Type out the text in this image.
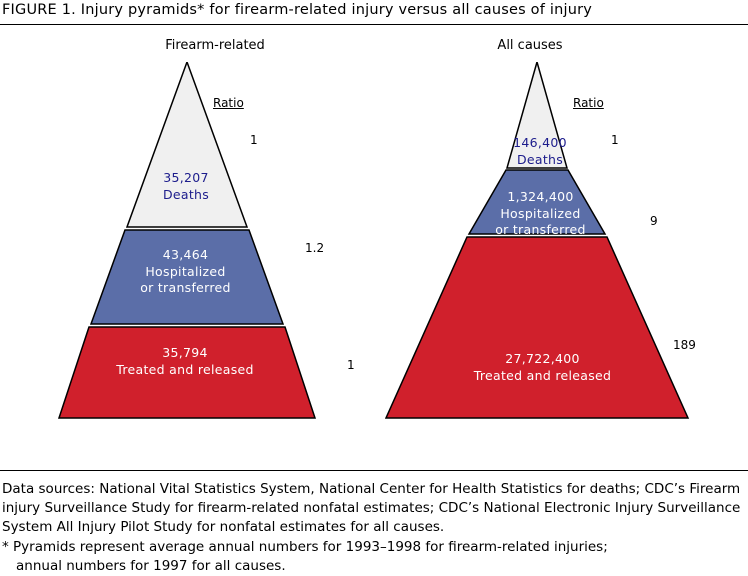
FIGURE 1. Injury pyramids* for firearm-related injury versus all causes of injury
Firearm-related	All causes
Ratio	Ratio
35,207
Deaths
43,464
Hospitalized
or transferred
35,794
Treated and released
1
1.2
1
146,400
Deaths
1,324,400
Hospitalized
or transferred
27,722,400
Treated and released
1
9
189
Data sources: National Vital Statistics System, National Center for Health Statistics for deaths; CDC’s Firearm injury Surveillance Study for firearm-related nonfatal estimates; CDC’s National Electronic Injury Surveillance System All Injury Pilot Study for nonfatal estimates for all causes.
* Pyramids represent average annual numbers for 1993–1998 for firearm-related injuries;
annual numbers for 1997 for all causes.
